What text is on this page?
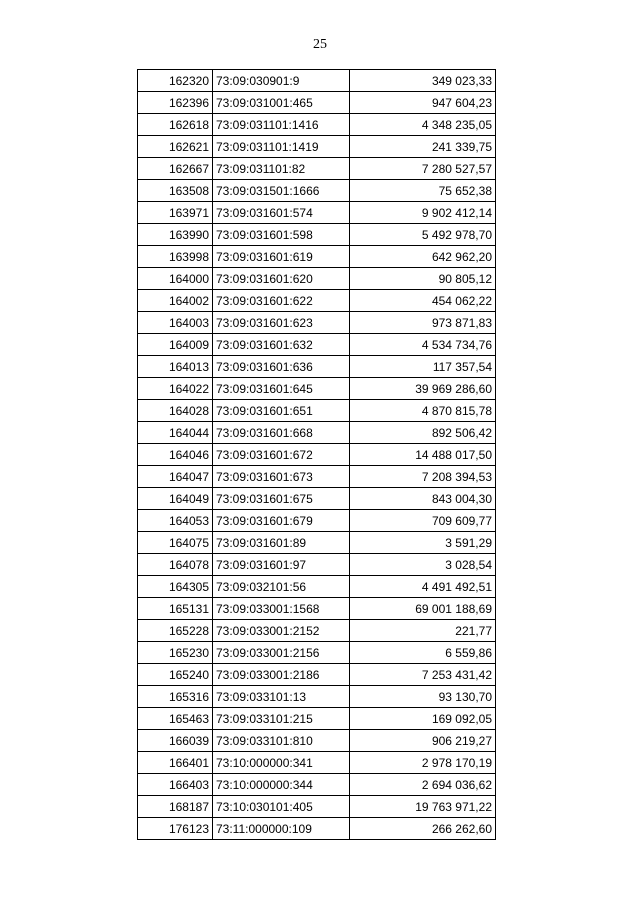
25
162320	73:09:030901:9	349 023,33
162396	73:09:031001:465	947 604,23
162618	73:09:031101:1416	4 348 235,05
162621	73:09:031101:1419	241 339,75
162667	73:09:031101:82	7 280 527,57
163508	73:09:031501:1666	75 652,38
163971	73:09:031601:574	9 902 412,14
163990	73:09:031601:598	5 492 978,70
163998	73:09:031601:619	642 962,20
164000	73:09:031601:620	90 805,12
164002	73:09:031601:622	454 062,22
164003	73:09:031601:623	973 871,83
164009	73:09:031601:632	4 534 734,76
164013	73:09:031601:636	117 357,54
164022	73:09:031601:645	39 969 286,60
164028	73:09:031601:651	4 870 815,78
164044	73:09:031601:668	892 506,42
164046	73:09:031601:672	14 488 017,50
164047	73:09:031601:673	7 208 394,53
164049	73:09:031601:675	843 004,30
164053	73:09:031601:679	709 609,77
164075	73:09:031601:89	3 591,29
164078	73:09:031601:97	3 028,54
164305	73:09:032101:56	4 491 492,51
165131	73:09:033001:1568	69 001 188,69
165228	73:09:033001:2152	221,77
165230	73:09:033001:2156	6 559,86
165240	73:09:033001:2186	7 253 431,42
165316	73:09:033101:13	93 130,70
165463	73:09:033101:215	169 092,05
166039	73:09:033101:810	906 219,27
166401	73:10:000000:341	2 978 170,19
166403	73:10:000000:344	2 694 036,62
168187	73:10:030101:405	19 763 971,22
176123	73:11:000000:109	266 262,60
